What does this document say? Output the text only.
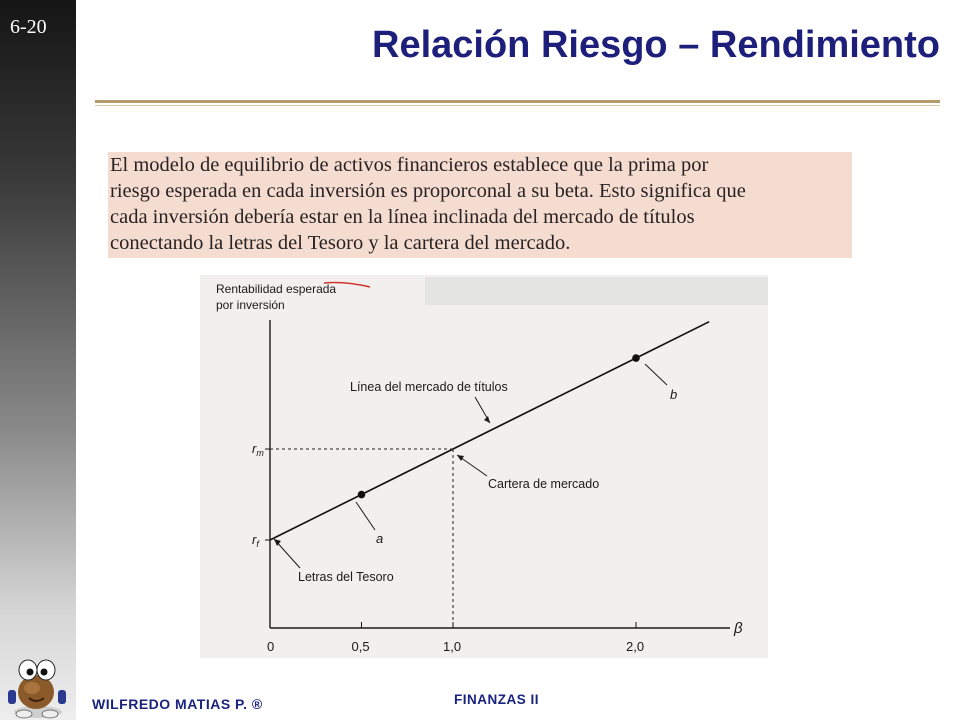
6-20	Relación Riesgo – Rendimiento
El modelo de equilibrio de activos financieros establece que la prima por
riesgo esperada en cada inversión es proporconal a su beta. Esto significa que
cada inversión debería estar en la línea inclinada del mercado de títulos
conectando la letras del Tesoro y la cartera del mercado.
Rentabilidad esperada
por inversión
β
0	0,5	1,0	2,0
$r_m$
$r_f$
Línea del mercado de títulos
Cartera de mercado
Letras del Tesoro
a
b
WILFREDO MATIAS P. ®	FINANZAS II
